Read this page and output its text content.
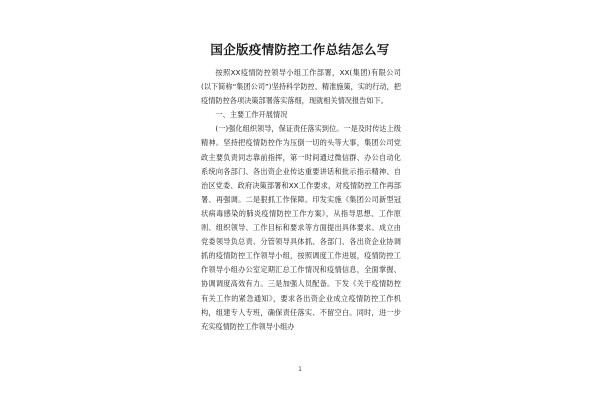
国企版疫情防控工作总结怎么写

按照XX疫情防控领导小组工作部署，XX(集团)有限公司(以下简称“集团公司”)坚持科学防控、精准施策，实的行动，把疫情防控各项决策部署落实落细，现就相关情况报告如下。

一、主要工作开展情况

(一)强化组织领导，保证责任落实到位。一是及时传达上级精神。坚持把疫情防控作为压倒一切的头等大事，集团公司党政主要负责同志靠前指挥，第一时间通过微信群、办公自动化系统向各部门、各出资企业传达重要讲话和批示指示精神、自治区党委、政府决策部署和XX工作要求，对疫情防控工作再部署、再强调。二是狠抓工作保障。印发实施《集团公司新型冠状病毒感染的肺炎疫情防控工作方案》，从指导思想、工作原则、组织领导、工作目标和要求等方面提出具体要求。成立由党委领导负总责、分管领导具体抓、各部门、各出资企业协调抓的疫情防控工作领导小组，按照调度工作进展，疫情防控工作领导小组办公室定期汇总工作情况和疫情信息，全面掌握、协调调度高效有力。三是加强人员配备。下发《关于疫情防控有关工作的紧急通知》，要求各出资企业成立疫情防控工作机构，组建专人专班，确保责任落实、不留空白。同时，进一步充实疫情防控工作领导小组办

1
